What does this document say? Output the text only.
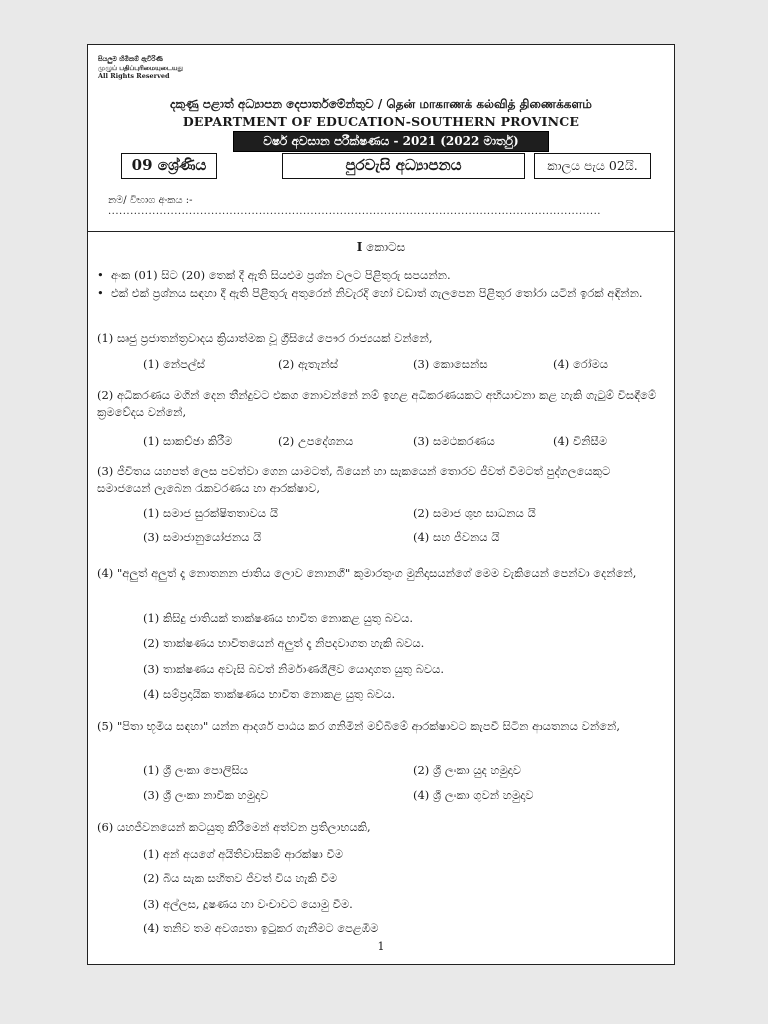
සියලුම හිමිකම් ඇවිරිණි
முழுப் பதிப்புரிமையுடையது
All Rights Reserved
දකුණු පළාත් අධ්‍යාපන දෙපාර්තමේන්තුව / தென் மாகாணக் கல்வித் திணைக்களம்
DEPARTMENT OF EDUCATION-SOUTHERN PROVINCE
වර්ෂ අවසාන පරීක්ෂණය - 2021 (2022 මාර්තු)
09 ශ්‍රේණිය	පුරවැසි අධ්‍යාපනය	කාලය පැය 02යි.
නම/ විභාග අංකය :- ......................................................................................................................................
I කොටස
• අංක (01) සිට (20) තෙක් දී ඇති සියළුම ප්‍රශ්න වලට පිළිතුරු සපයන්න.
• එක් එක් ප්‍රශ්නය සඳහා දී ඇති පිළිතුරු අතුරෙන් නිවැරදි හෝ වඩාත් ගැලපෙන පිළිතුර තෝරා යටින් ඉරක් අඳින්න.
(1) සෘජු ප්‍රජාතන්ත්‍රවාදය ක්‍රියාත්මක වූ ග්‍රීසියේ පෞර රාජ්‍යයක් වන්නේ,
(1) නේපල්ස්	(2) ඇතැන්ස්	(3) කොසෙන්ස	(4) රෝමය
(2) අධිකරණය මගින් දෙන තීන්දුවට එකග නොවන්නේ නම් ඉහළ අධිකරණයකට අභියාචනා කළ හැකි ගැටුම් විසඳීමේ ක්‍රමවේදය වන්නේ,
(1) සාකච්ඡා කිරීම	(2) උපදේශනය	(3) සමථකරණය	(4) විනිසීම
(3) ජීවිතය යහපත් ලෙස පවත්වා ගෙන යාමටත්, බියෙන් හා සැකයෙන් තොරව ජීවත් වීමටත් පුද්ගලයෙකුට සමාජයෙන් ලැබෙන රැකවරණය හා ආරක්ෂාව,
(1) සමාජ සුරක්ෂිතතාවය යි	(2) සමාජ ශුභ සාධනය යි
(3) සමාජානුයෝජනය යි	(4) සහ ජීවනය යි
(4) "අලුත් අලුත් දෑ නොතනන ජාතිය ලොව නොනගී" කුමාරතුංග මුනිදාසයන්ගේ මෙම වැකියෙන් පෙන්වා දෙන්නේ,
(1) කිසිදු ජාතියක් තාක්ෂණය භාවිත නොකළ යුතු බවය.
(2) තාක්ෂණය භාවිතයෙන් අලුත් දෑ නිපදවාගත හැකි බවය.
(3) තාක්ෂණය අවැසි බවත් නිර්මාණශීලීව යොදාගත යුතු බවය.
(4) සම්ප්‍රදායික තාක්ෂණය භාවිත නොකළ යුතු බවය.
(5) "පිතා භූමිය සඳහා" යන්න ආදර්ශ පාඨය කර ගනිමින් මව්බිමේ ආරක්ෂාවට කැපවී සිටින ආයතනය වන්නේ,
(1) ශ්‍රී ලංකා පොලිසිය	(2) ශ්‍රී ලංකා යුද හමුදාව
(3) ශ්‍රී ලංකා නාවික හමුදාව	(4) ශ්‍රී ලංකා ගුවන් හමුදාව
(6) යහජීවනයෙන් කටයුතු කිරීමෙන් අත්වන ප්‍රතිලාභයකි,
(1) අන් අයගේ අයිතිවාසිකම් ආරක්ෂා වීම
(2) බිය සැක සහිතව ජීවත් විය හැකි වීම
(3) අල්ලස, දූෂණය හා වංචාවට යොමු වීම.
(4) තනිව තම අවශ්‍යතා ඉටුකර ගැනීමට පෙළඹීම
1
